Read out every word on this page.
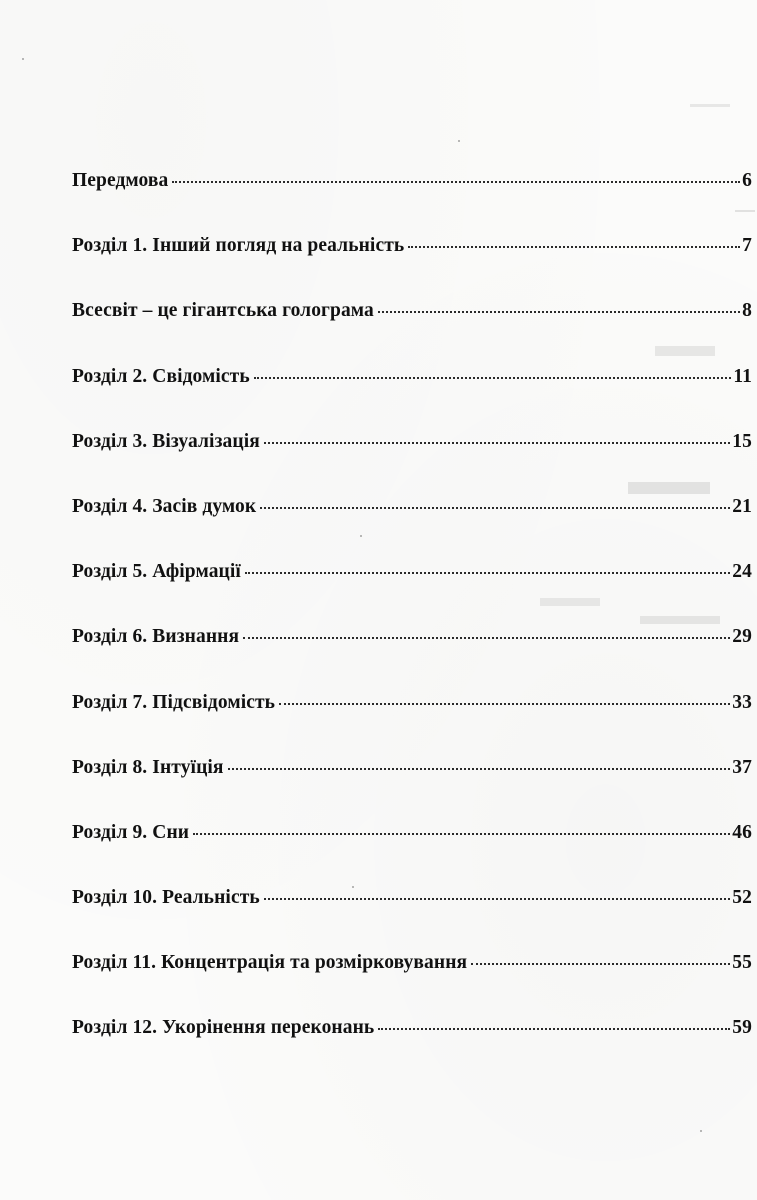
Передмова	6
Розділ 1. Інший погляд на реальність	7
Всесвіт – це гігантська голограма	8
Розділ 2. Свідомість	11
Розділ 3. Візуалізація	15
Розділ 4. Засів думок	21
Розділ 5. Афірмації	24
Розділ 6. Визнання	29
Розділ 7. Підсвідомість	33
Розділ 8. Інтуїція	37
Розділ 9. Сни	46
Розділ 10. Реальність	52
Розділ 11. Концентрація та розмірковування	55
Розділ 12. Укорінення переконань	59
